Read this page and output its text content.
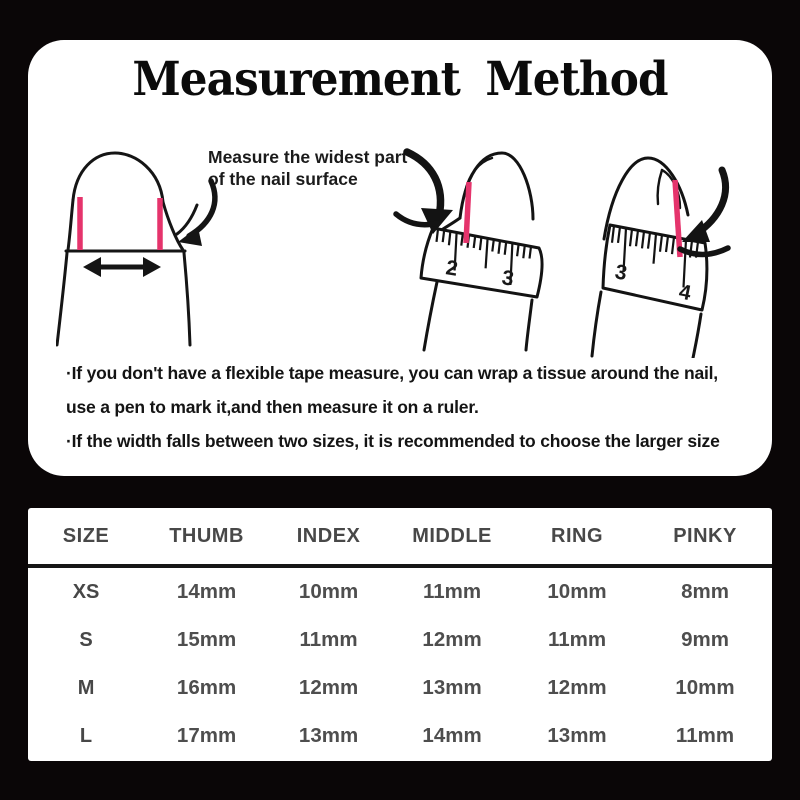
Measurement Method
Measure the widest part of the nail surface
2 3	3
4
·If you don't have a flexible tape measure, you can wrap a tissue around the nail,
use a pen to mark it,and then measure it on a ruler.
·If the width falls between two sizes, it is recommended to choose the larger size
SIZE	THUMB	INDEX	MIDDLE	RING	PINKY
XS	14mm	10mm	11mm	10mm	8mm
S	15mm	11mm	12mm	11mm	9mm
M	16mm	12mm	13mm	12mm	10mm
L	17mm	13mm	14mm	13mm	11mm
